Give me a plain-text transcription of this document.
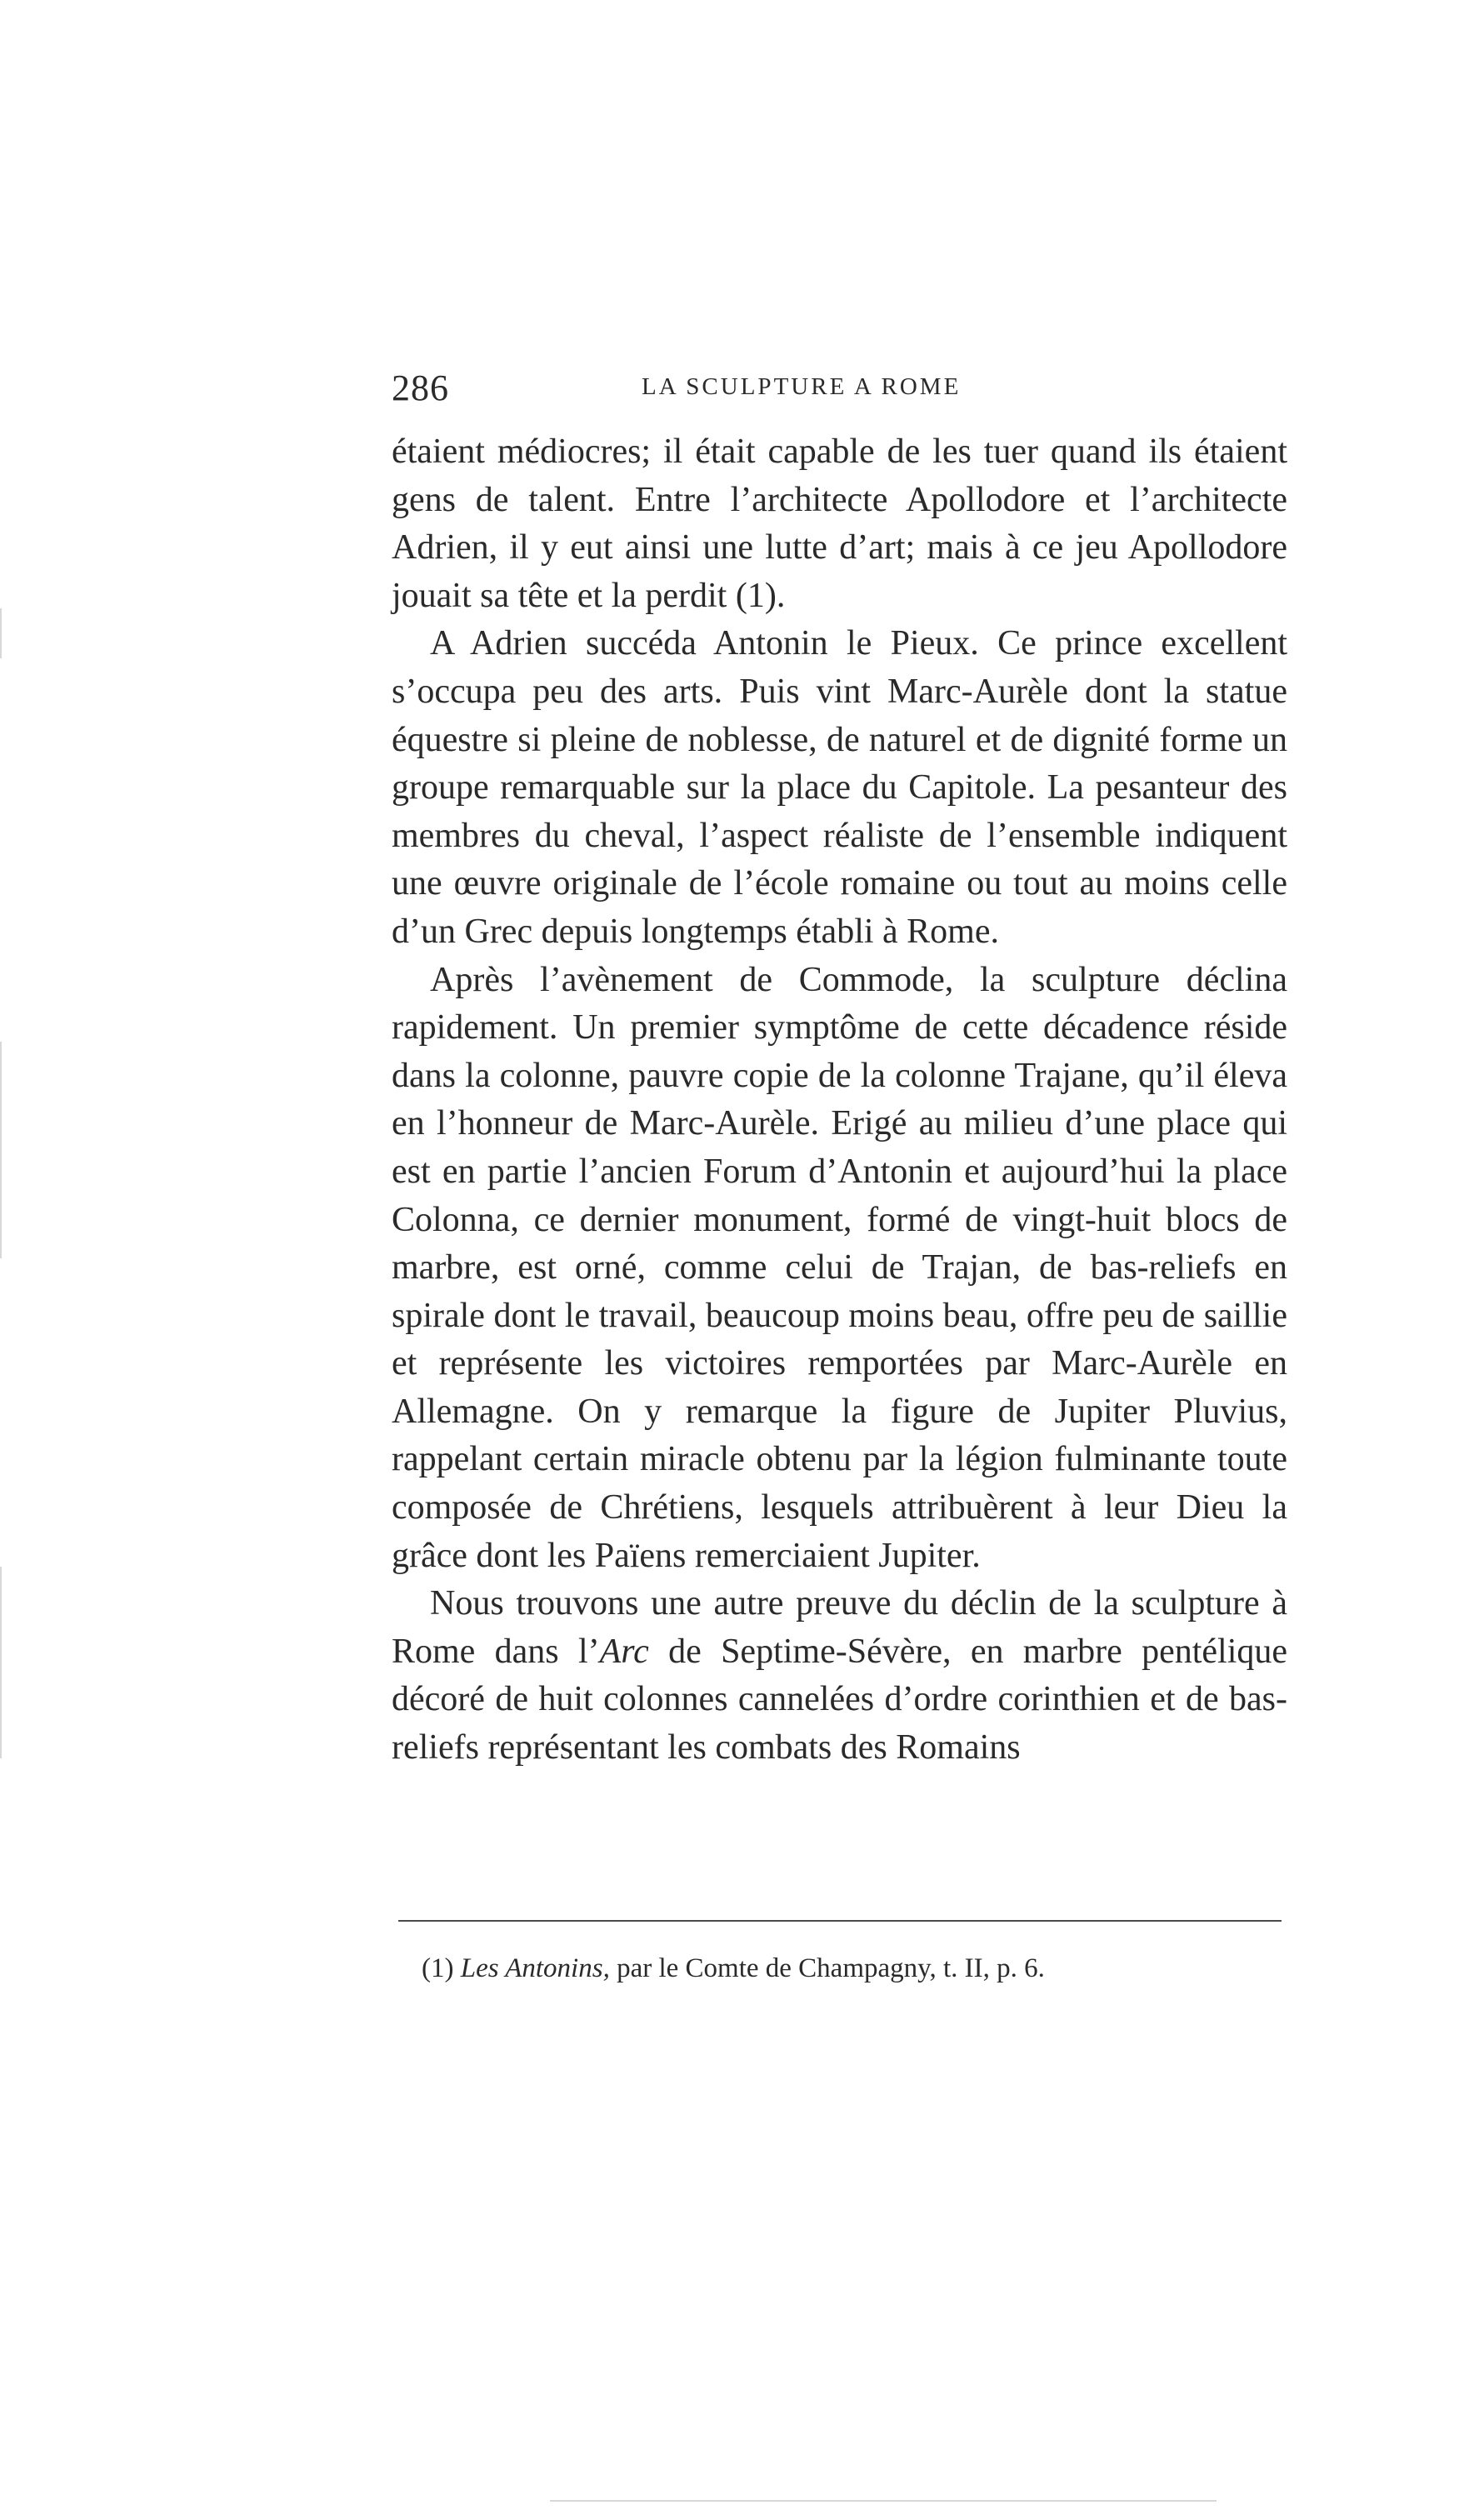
286	LA SCULPTURE A ROME

étaient médiocres; il était capable de les tuer quand ils étaient gens de talent. Entre l’architecte Apollodore et l’architecte Adrien, il y eut ainsi une lutte d’art; mais à ce jeu Apollodore jouait sa tête et la perdit (1).

A Adrien succéda Antonin le Pieux. Ce prince excellent s’occupa peu des arts. Puis vint Marc-Aurèle dont la statue équestre si pleine de noblesse, de naturel et de dignité forme un groupe remarquable sur la place du Capitole. La pesanteur des membres du cheval, l’aspect réaliste de l’ensemble indiquent une œuvre originale de l’école romaine ou tout au moins celle d’un Grec depuis longtemps établi à Rome.

Après l’avènement de Commode, la sculpture déclina rapidement. Un premier symptôme de cette décadence réside dans la colonne, pauvre copie de la colonne Trajane, qu’il éleva en l’honneur de Marc-Aurèle. Erigé au milieu d’une place qui est en partie l’ancien Forum d’Antonin et aujourd’hui la place Colonna, ce dernier monument, formé de vingt-huit blocs de marbre, est orné, comme celui de Trajan, de bas-reliefs en spirale dont le travail, beaucoup moins beau, offre peu de saillie et représente les victoires remportées par Marc-Aurèle en Allemagne. On y remarque la figure de Jupiter Pluvius, rappelant certain miracle obtenu par la légion fulminante toute composée de Chrétiens, lesquels attribuèrent à leur Dieu la grâce dont les Païens remerciaient Jupiter.

Nous trouvons une autre preuve du déclin de la sculpture à Rome dans l’Arc de Septime-Sévère, en marbre pentélique décoré de huit colonnes cannelées d’ordre corinthien et de bas-reliefs représentant les combats des Romains

(1) Les Antonins, par le Comte de Champagny, t. II, p. 6.
